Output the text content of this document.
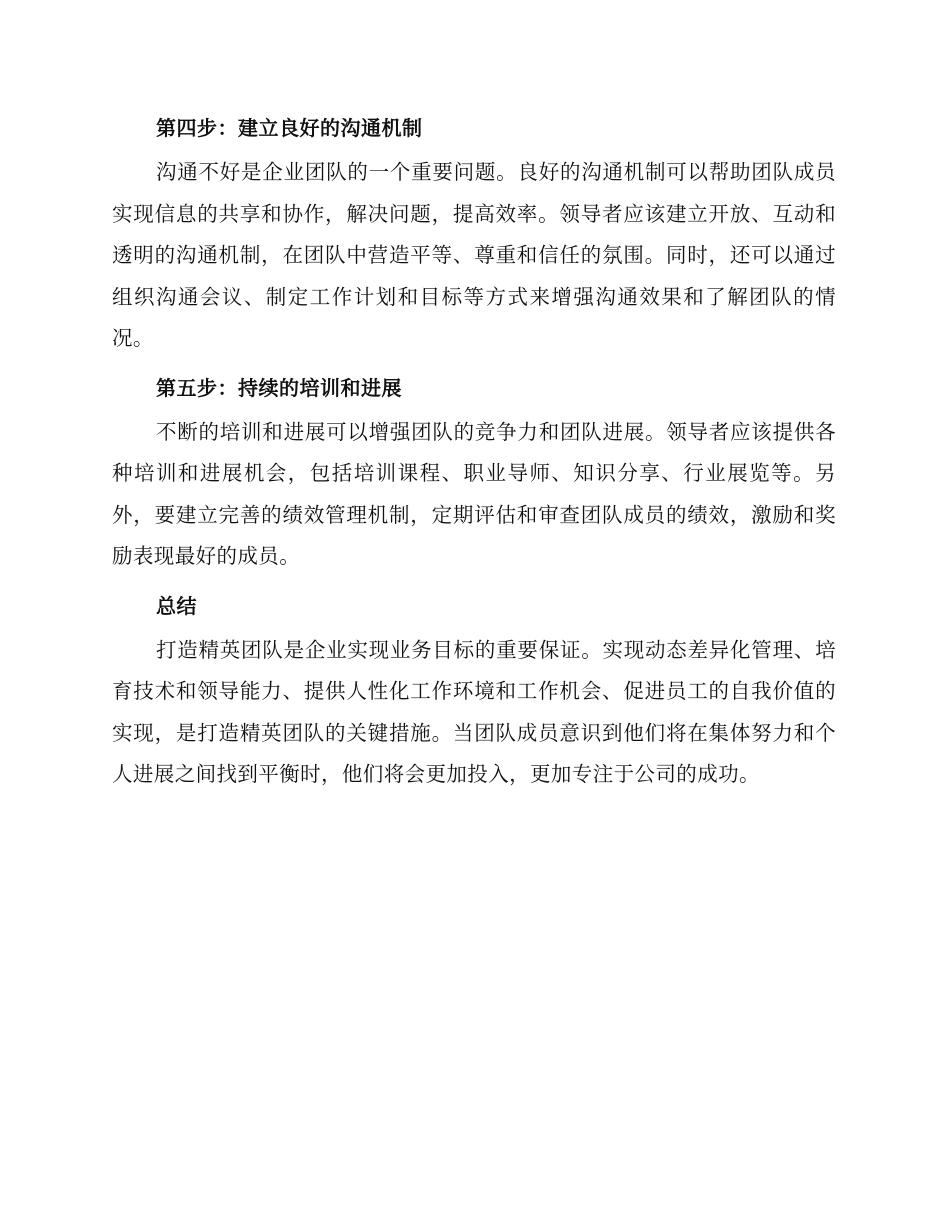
第四步：建立良好的沟通机制

沟通不好是企业团队的一个重要问题。良好的沟通机制可以帮助团队成员实现信息的共享和协作，解决问题，提高效率。领导者应该建立开放、互动和透明的沟通机制，在团队中营造平等、尊重和信任的氛围。同时，还可以通过组织沟通会议、制定工作计划和目标等方式来增强沟通效果和了解团队的情况。

第五步：持续的培训和进展

不断的培训和进展可以增强团队的竞争力和团队进展。领导者应该提供各种培训和进展机会，包括培训课程、职业导师、知识分享、行业展览等。另外，要建立完善的绩效管理机制，定期评估和审查团队成员的绩效，激励和奖励表现最好的成员。

总结

打造精英团队是企业实现业务目标的重要保证。实现动态差异化管理、培育技术和领导能力、提供人性化工作环境和工作机会、促进员工的自我价值的实现，是打造精英团队的关键措施。当团队成员意识到他们将在集体努力和个人进展之间找到平衡时，他们将会更加投入，更加专注于公司的成功。
